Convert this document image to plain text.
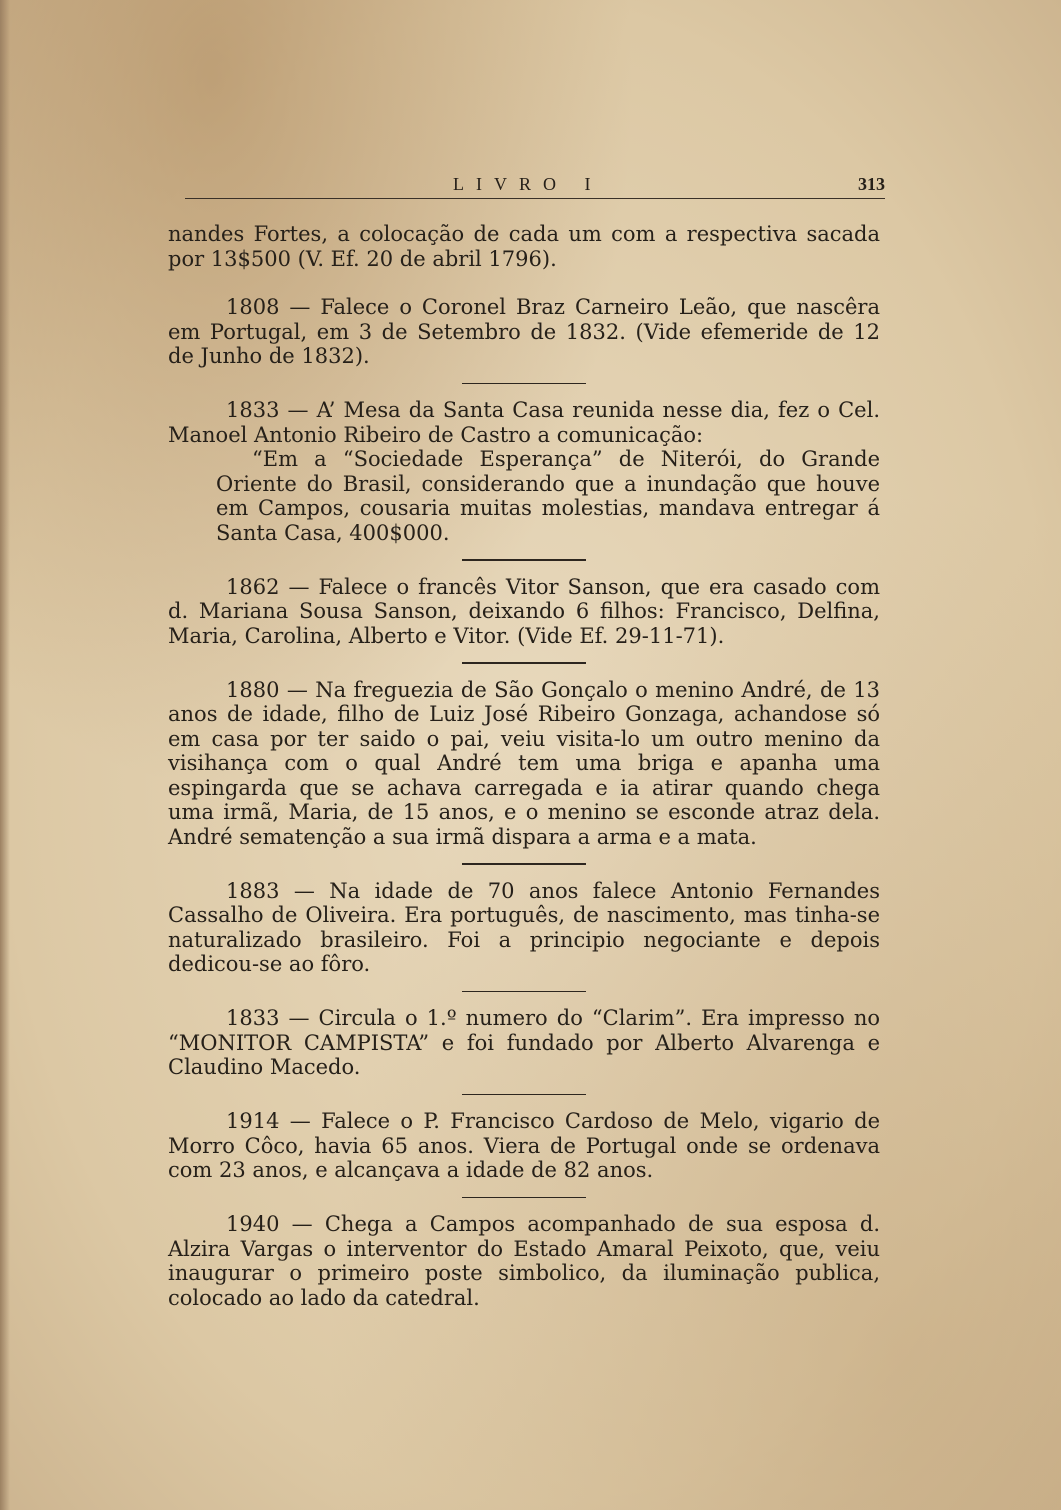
LIVRO I	313

nandes Fortes, a colocação de cada um com a respectiva sacada por 13$500 (V. Ef. 20 de abril 1796).

1808 — Falece o Coronel Braz Carneiro Leão, que nascêra em Portugal, em 3 de Setembro de 1832. (Vide efemeride de 12 de Junho de 1832).

1833 — A’ Mesa da Santa Casa reunida nesse dia, fez o Cel. Manoel Antonio Ribeiro de Castro a comunicação:

“Em a “Sociedade Esperança” de Niterói, do Grande Oriente do Brasil, considerando que a inundação que houve em Campos, cousaria muitas molestias, mandava entregar á Santa Casa, 400$000.

1862 — Falece o francês Vitor Sanson, que era casado com d. Mariana Sousa Sanson, deixando 6 filhos: Francisco, Delfina, Maria, Carolina, Alberto e Vitor. (Vide Ef. 29-11-71).

1880 — Na freguezia de São Gonçalo o menino André, de 13 anos de idade, filho de Luiz José Ribeiro Gonzaga, achandose só em casa por ter saido o pai, veiu visita-lo um outro menino da visihança com o qual André tem uma briga e apanha uma espingarda que se achava carregada e ia atirar quando chega uma irmã, Maria, de 15 anos, e o menino se esconde atraz dela. André sematenção a sua irmã dispara a arma e a mata.

1883 — Na idade de 70 anos falece Antonio Fernandes Cassalho de Oliveira. Era português, de nascimento, mas tinha-se naturalizado brasileiro. Foi a principio negociante e depois dedicou-se ao fôro.

1833 — Circula o 1.º numero do “Clarim”. Era impresso no “MONITOR CAMPISTA” e foi fundado por Alberto Alvarenga e Claudino Macedo.

1914 — Falece o P. Francisco Cardoso de Melo, vigario de Morro Côco, havia 65 anos. Viera de Portugal onde se ordenava com 23 anos, e alcançava a idade de 82 anos.

1940 — Chega a Campos acompanhado de sua esposa d. Alzira Vargas o interventor do Estado Amaral Peixoto, que, veiu inaugurar o primeiro poste simbolico, da iluminação publica, colocado ao lado da catedral.
